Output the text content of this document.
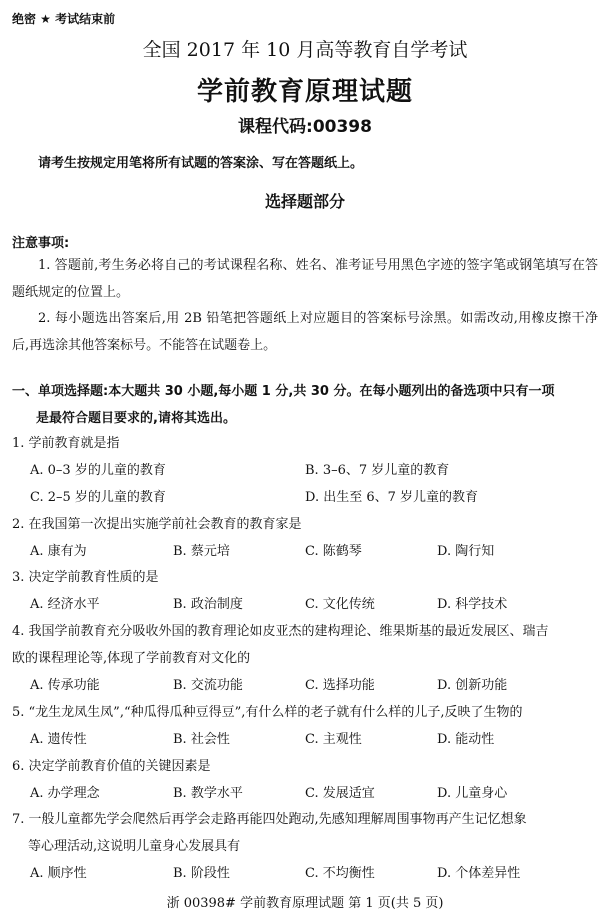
绝密 ★ 考试结束前
全国 2017 年 10 月高等教育自学考试
学前教育原理试题
课程代码:00398
请考生按规定用笔将所有试题的答案涂、写在答题纸上。
选择题部分
注意事项:
1. 答题前,考生务必将自己的考试课程名称、姓名、准考证号用黑色字迹的签字笔或钢笔填写在答题纸规定的位置上。
2. 每小题选出答案后,用 2B 铅笔把答题纸上对应题目的答案标号涂黑。如需改动,用橡皮擦干净后,再选涂其他答案标号。不能答在试题卷上。
一、单项选择题:本大题共 30 小题,每小题 1 分,共 30 分。在每小题列出的备选项中只有一项
是最符合题目要求的,请将其选出。
1. 学前教育就是指
A. 0–3 岁的儿童的教育	B. 3–6、7 岁儿童的教育
C. 2–5 岁的儿童的教育	D. 出生至 6、7 岁儿童的教育
2. 在我国第一次提出实施学前社会教育的教育家是
A. 康有为	B. 蔡元培	C. 陈鹤琴	D. 陶行知
3. 决定学前教育性质的是
A. 经济水平	B. 政治制度	C. 文化传统	D. 科学技术
4. 我国学前教育充分吸收外国的教育理论如皮亚杰的建构理论、维果斯基的最近发展区、瑞吉
欧的课程理论等,体现了学前教育对文化的
A. 传承功能	B. 交流功能	C. 选择功能	D. 创新功能
5. “龙生龙凤生凤”,“种瓜得瓜种豆得豆”,有什么样的老子就有什么样的儿子,反映了生物的
A. 遗传性	B. 社会性	C. 主观性	D. 能动性
6. 决定学前教育价值的关键因素是
A. 办学理念	B. 教学水平	C. 发展适宜	D. 儿童身心
7. 一般儿童都先学会爬然后再学会走路再能四处跑动,先感知理解周围事物再产生记忆想象
等心理活动,这说明儿童身心发展具有
A. 顺序性	B. 阶段性	C. 不均衡性	D. 个体差异性
浙 00398# 学前教育原理试题 第 1 页(共 5 页)
